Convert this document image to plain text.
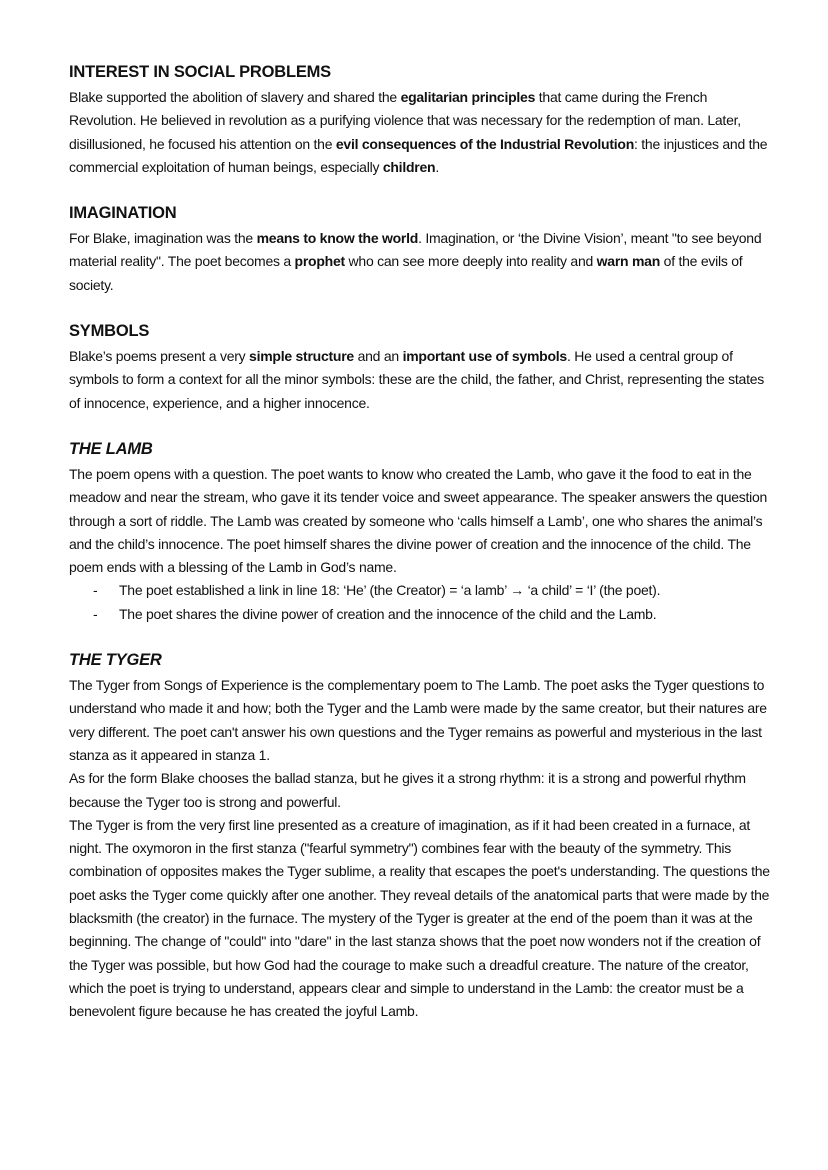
INTEREST IN SOCIAL PROBLEMS

Blake supported the abolition of slavery and shared the egalitarian principles that came during the French Revolution. He believed in revolution as a purifying violence that was necessary for the redemption of man. Later, disillusioned, he focused his attention on the evil consequences of the Industrial Revolution: the injustices and the commercial exploitation of human beings, especially children.

IMAGINATION

For Blake, imagination was the means to know the world. Imagination, or ‘the Divine Vision’, meant "to see beyond material reality". The poet becomes a prophet who can see more deeply into reality and warn man of the evils of society.

SYMBOLS

Blake’s poems present a very simple structure and an important use of symbols. He used a central group of symbols to form a context for all the minor symbols: these are the child, the father, and Christ, representing the states of innocence, experience, and a higher innocence.

THE LAMB

The poem opens with a question. The poet wants to know who created the Lamb, who gave it the food to eat in the meadow and near the stream, who gave it its tender voice and sweet appearance. The speaker answers the question through a sort of riddle. The Lamb was created by someone who ‘calls himself a Lamb’, one who shares the animal’s and the child’s innocence. The poet himself shares the divine power of creation and the innocence of the child. The poem ends with a blessing of the Lamb in God’s name.

- The poet established a link in line 18: ‘He’ (the Creator) = ‘a lamb’ → ‘a child’ = ‘I’ (the poet).
- The poet shares the divine power of creation and the innocence of the child and the Lamb.
THE TYGER

The Tyger from Songs of Experience is the complementary poem to The Lamb. The poet asks the Tyger questions to understand who made it and how; both the Tyger and the Lamb were made by the same creator, but their natures are very different. The poet can't answer his own questions and the Tyger remains as powerful and mysterious in the last stanza as it appeared in stanza 1.

As for the form Blake chooses the ballad stanza, but he gives it a strong rhythm: it is a strong and powerful rhythm because the Tyger too is strong and powerful.

The Tyger is from the very first line presented as a creature of imagination, as if it had been created in a furnace, at night. The oxymoron in the first stanza ("fearful symmetry") combines fear with the beauty of the symmetry. This combination of opposites makes the Tyger sublime, a reality that escapes the poet's understanding. The questions the poet asks the Tyger come quickly after one another. They reveal details of the anatomical parts that were made by the blacksmith (the creator) in the furnace. The mystery of the Tyger is greater at the end of the poem than it was at the beginning. The change of "could" into "dare" in the last stanza shows that the poet now wonders not if the creation of the Tyger was possible, but how God had the courage to make such a dreadful creature. The nature of the creator, which the poet is trying to understand, appears clear and simple to understand in the Lamb: the creator must be a benevolent figure because he has created the joyful Lamb.
